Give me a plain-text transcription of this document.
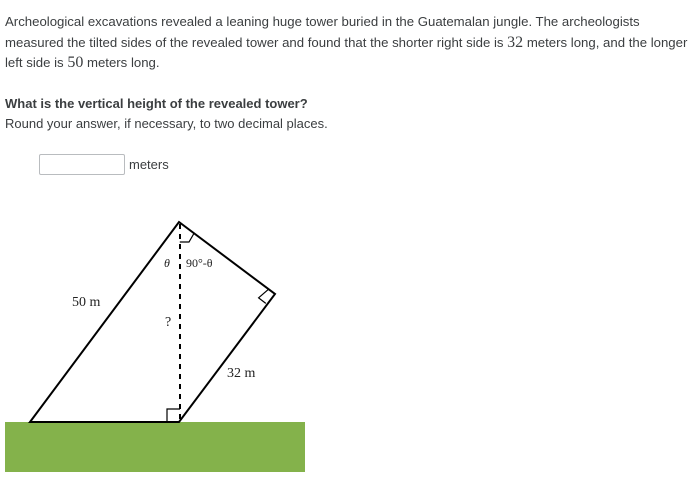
Archeological excavations revealed a leaning huge tower buried in the Guatemalan jungle. The archeologists measured the tilted sides of the revealed tower and found that the shorter right side is 32 meters long, and the longer left side is 50 meters long.
What is the vertical height of the revealed tower?
Round your answer, if necessary, to two decimal places.
meters
50 m
32 m
?
θ 90°-θ
